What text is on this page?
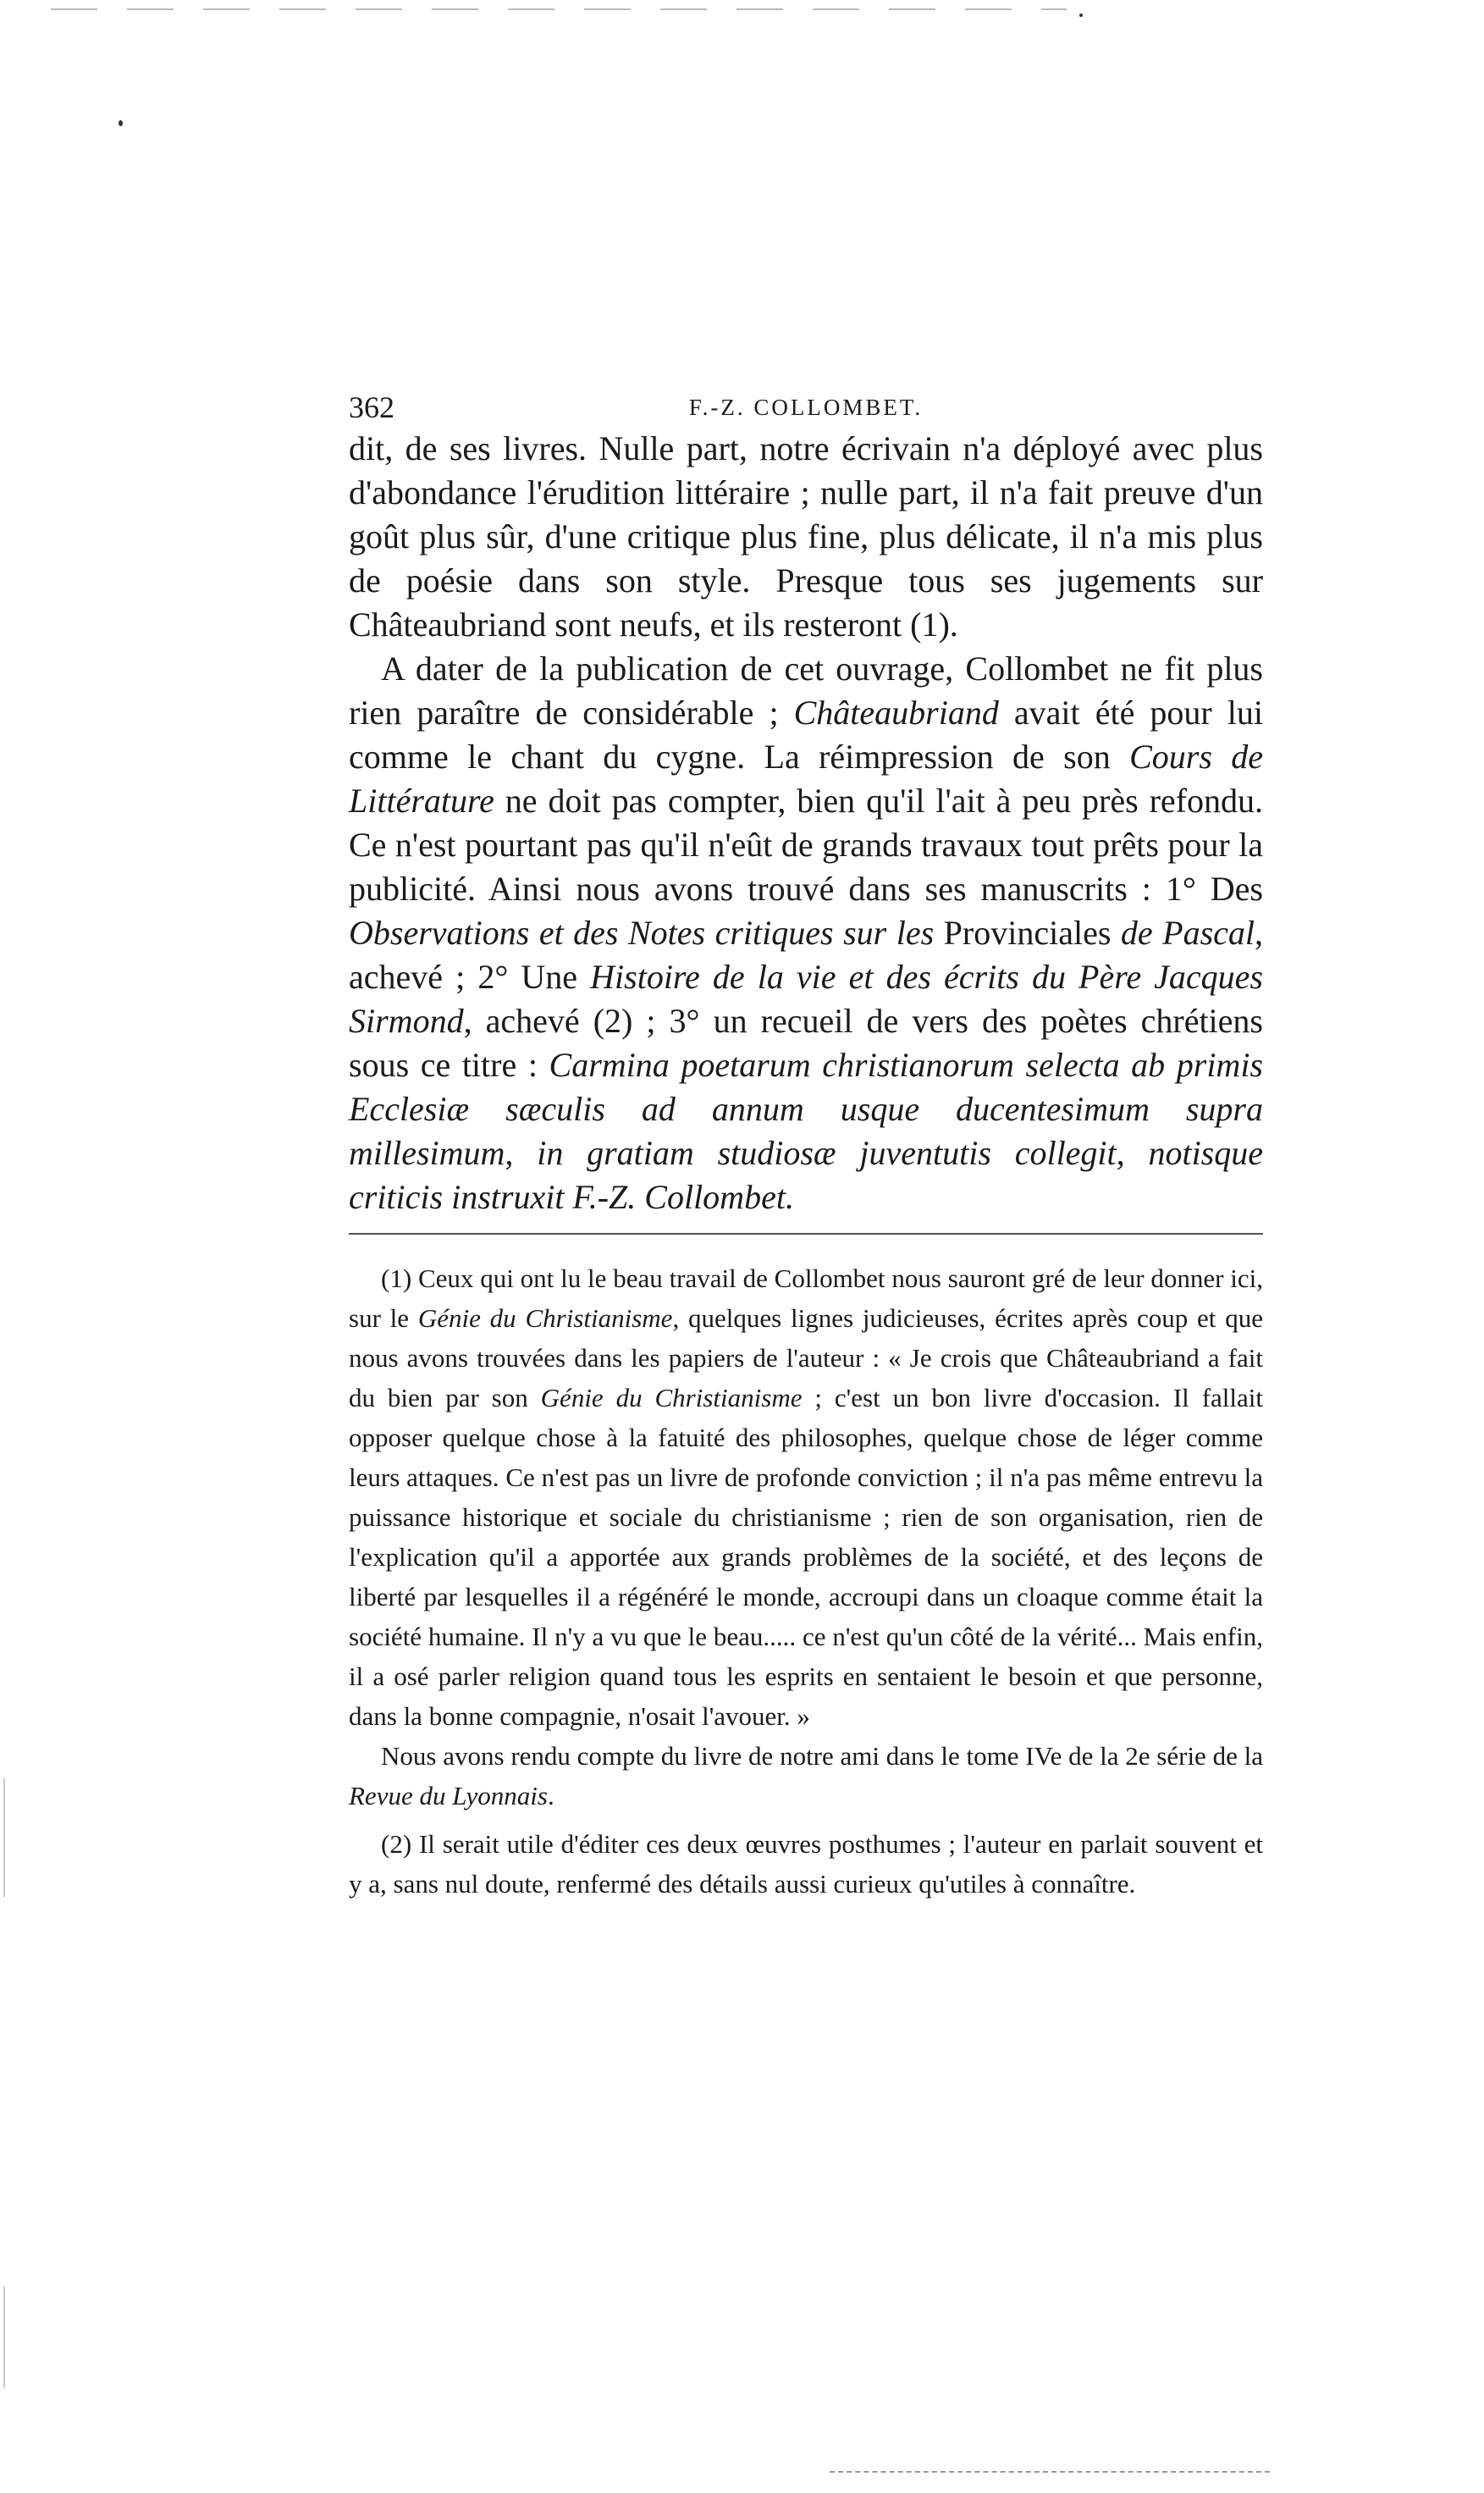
362	F.-Z. COLLOMBET.

dit, de ses livres. Nulle part, notre écrivain n'a déployé avec plus d'abondance l'érudition littéraire ; nulle part, il n'a fait preuve d'un goût plus sûr, d'une critique plus fine, plus délicate, il n'a mis plus de poésie dans son style. Presque tous ses jugements sur Châteaubriand sont neufs, et ils resteront (1).

A dater de la publication de cet ouvrage, Collombet ne fit plus rien paraître de considérable ; Châteaubriand avait été pour lui comme le chant du cygne. La réimpression de son Cours de Littérature ne doit pas compter, bien qu'il l'ait à peu près refondu. Ce n'est pourtant pas qu'il n'eût de grands travaux tout prêts pour la publicité. Ainsi nous avons trouvé dans ses manuscrits : 1° Des Observations et des Notes critiques sur les Provinciales de Pascal, achevé ; 2° Une Histoire de la vie et des écrits du Père Jacques Sirmond, achevé (2) ; 3° un recueil de vers des poètes chrétiens sous ce titre : Carmina poetarum christianorum selecta ab primis Ecclesiæ sæculis ad annum usque ducentesimum supra millesimum, in gratiam studiosæ juventutis collegit, notisque criticis instruxit F.-Z. Collombet.

(1) Ceux qui ont lu le beau travail de Collombet nous sauront gré de leur donner ici, sur le Génie du Christianisme, quelques lignes judicieuses, écrites après coup et que nous avons trouvées dans les papiers de l'auteur : « Je crois que Châteaubriand a fait du bien par son Génie du Christianisme ; c'est un bon livre d'occasion. Il fallait opposer quelque chose à la fatuité des philosophes, quelque chose de léger comme leurs attaques. Ce n'est pas un livre de profonde conviction ; il n'a pas même entrevu la puissance historique et sociale du christianisme ; rien de son organisation, rien de l'explication qu'il a apportée aux grands problèmes de la société, et des leçons de liberté par lesquelles il a régénéré le monde, accroupi dans un cloaque comme était la société humaine. Il n'y a vu que le beau..... ce n'est qu'un côté de la vérité... Mais enfin, il a osé parler religion quand tous les esprits en sentaient le besoin et que personne, dans la bonne compagnie, n'osait l'avouer. »

Nous avons rendu compte du livre de notre ami dans le tome IVe de la 2e série de la Revue du Lyonnais.

(2) Il serait utile d'éditer ces deux œuvres posthumes ; l'auteur en parlait souvent et y a, sans nul doute, renfermé des détails aussi curieux qu'utiles à connaître.
